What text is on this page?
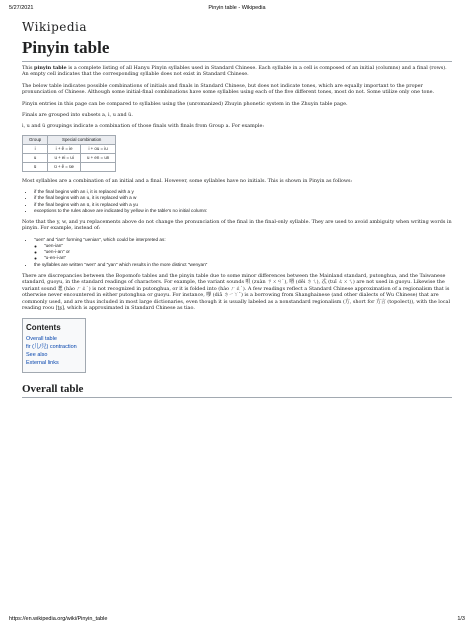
5/27/2021	Pinyin table - Wikipedia
Wikipedia
Pinyin table

This pinyin table is a complete listing of all Hanyu Pinyin syllables used in Standard Chinese. Each syllable in a cell is composed of an initial (columns) and a final (rows). An empty cell indicates that the corresponding syllable does not exist in Standard Chinese.

The below table indicates possible combinations of initials and finals in Standard Chinese, but does not indicate tones, which are equally important to the proper pronunciation of Chinese. Although some initial-final combinations have some syllables using each of the five different tones, most do not. Some utilize only one tone.

Pinyin entries in this page can be compared to syllables using the (unromanized) Zhuyin phonetic system in the Zhuyin table page.

Finals are grouped into subsets a, i, u and ü.

i, u and ü groupings indicate a combination of those finals with finals from Group a. For example:

Group	Special combination	
i	i + ê = ie	i + ou = iu
u	u + ei = ui	u + en = un
ü	ü + ê = üe	

Most syllables are a combination of an initial and a final. However, some syllables have no initials. This is shown in Pinyin as follows:

• if the final begins with an i, it is replaced with a y
• if the final begins with an u, it is replaced with a w
• if the final begins with an ü, it is replaced with a yu
• exceptions to the rules above are indicated by yellow in the table's no initial column:

Note that the y, w, and yu replacements above do not change the pronunciation of the final in the final-only syllable. They are used to avoid ambiguity when writing words in pinyin. For example, instead of:

• "uen" and "ian" forming "uenian", which could be interpreted as:
◦ "uen-ian"
◦ "uen-i-an" or
◦ "u-en-i-an"
• the syllables are written "wen" and "yan" which results in the more distinct "wenyan"

There are discrepancies between the Bopomofo tables and the pinyin table due to some minor differences between the Mainland standard, putonghua, and the Taiwanese standard, guoyu, in the standard readings of characters. For example, the variant sounds 唄 (zuàn ㄗㄨㄢˋ), 嘚 (dēi ㄉㄟ), 忒 (tuī ㄊㄨㄟ) are not used in guoyu. Likewise the variant sound 耄 (hào ㄏㄠˋ) is not recognized in putonghua, or it is folded into (hào ㄏㄠˋ). A few readings reflect a Standard Chinese approximation of a regionalism that is otherwise never encountered in either putonghua or guoyu. For instance, 嗲 (diǎ ㄉㄧㄚˇ) is a borrowing from Shanghainese (and other dialects of Wu Chinese) that are commonly used, and are thus included in most large dictionaries, even though it is usually labeled as a nonstandard regionalism (方, short for 方言 (topolect)), with the local reading roou [ʈʂ], which is approximated in Standard Chinese as tiao.

Contents
Overall table
fir (儿/兒) contraction
See also
External links
Overall table
https://en.wikipedia.org/wiki/Pinyin_table	1/3
